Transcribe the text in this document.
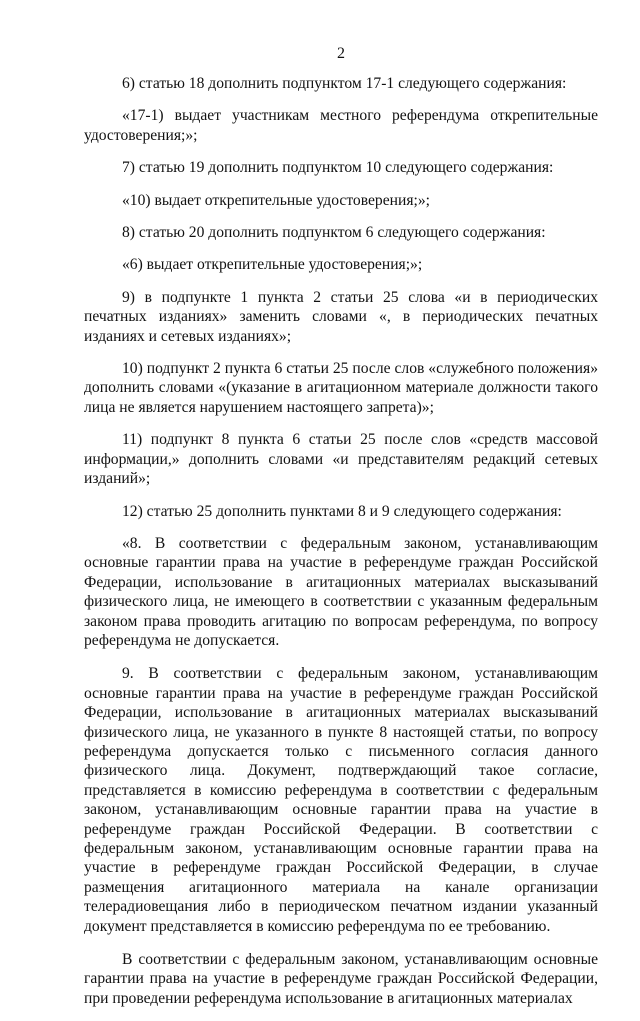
2

6) статью 18 дополнить подпунктом 17-1 следующего содержания:

«17-1) выдает участникам местного референдума открепительные удостоверения;»;

7) статью 19 дополнить подпунктом 10 следующего содержания:

«10) выдает открепительные удостоверения;»;

8) статью 20 дополнить подпунктом 6 следующего содержания:

«6) выдает открепительные удостоверения;»;

9) в подпункте 1 пункта 2 статьи 25 слова «и в периодических печатных изданиях» заменить словами «, в периодических печатных изданиях и сетевых изданиях»;

10) подпункт 2 пункта 6 статьи 25 после слов «служебного положения» дополнить словами «(указание в агитационном материале должности такого лица не является нарушением настоящего запрета)»;

11) подпункт 8 пункта 6 статьи 25 после слов «средств массовой информации,» дополнить словами «и представителям редакций сетевых изданий»;

12) статью 25 дополнить пунктами 8 и 9 следующего содержания:

«8. В соответствии с федеральным законом, устанавливающим основные гарантии права на участие в референдуме граждан Российской Федерации, использование в агитационных материалах высказываний физического лица, не имеющего в соответствии с указанным федеральным законом права проводить агитацию по вопросам референдума, по вопросу референдума не допускается.

9. В соответствии с федеральным законом, устанавливающим основные гарантии права на участие в референдуме граждан Российской Федерации, использование в агитационных материалах высказываний физического лица, не указанного в пункте 8 настоящей статьи, по вопросу референдума допускается только с письменного согласия данного физического лица. Документ, подтверждающий такое согласие, представляется в комиссию референдума в соответствии с федеральным законом, устанавливающим основные гарантии права на участие в референдуме граждан Российской Федерации. В соответствии с федеральным законом, устанавливающим основные гарантии права на участие в референдуме граждан Российской Федерации, в случае размещения агитационного материала на канале организации телерадиовещания либо в периодическом печатном издании указанный документ представляется в комиссию референдума по ее требованию.

В соответствии с федеральным законом, устанавливающим основные гарантии права на участие в референдуме граждан Российской Федерации, при проведении референдума использование в агитационных материалах
